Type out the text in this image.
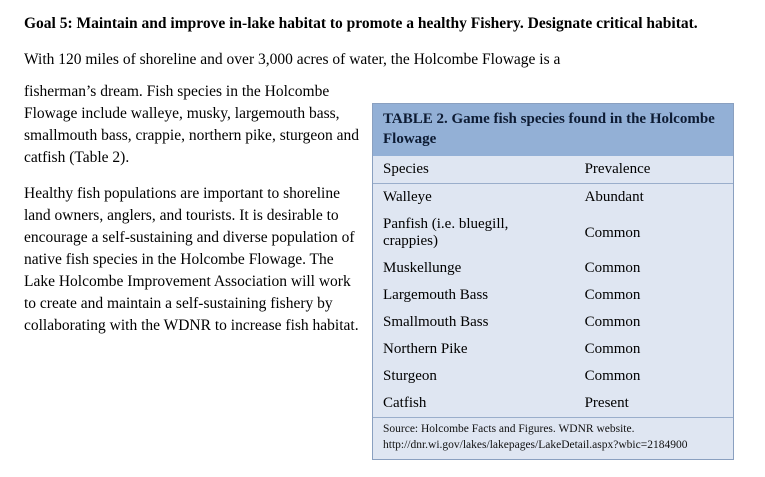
Goal 5: Maintain and improve in-lake habitat to promote a healthy Fishery. Designate critical habitat.

With 120 miles of shoreline and over 3,000 acres of water, the Holcombe Flowage is a

fisherman’s dream. Fish species in the Holcombe Flowage include walleye, musky, largemouth bass, smallmouth bass, crappie, northern pike, sturgeon and catfish (Table 2).

Healthy fish populations are important to shoreline land owners, anglers, and tourists. It is desirable to encourage a self-sustaining and diverse population of native fish species in the Holcombe Flowage. The Lake Holcombe Improvement Association will work to create and maintain a self-sustaining fishery by collaborating with the WDNR to increase fish habitat.

TABLE 2. Game fish species found in the Holcombe Flowage
Species	Prevalence
Walleye	Abundant
Panfish (i.e. bluegill, crappies)	Common
Muskellunge	Common
Largemouth Bass	Common
Smallmouth Bass	Common
Northern Pike	Common
Sturgeon	Common
Catfish	Present
Source: Holcombe Facts and Figures. WDNR website.
http://dnr.wi.gov/lakes/lakepages/LakeDetail.aspx?wbic=2184900
